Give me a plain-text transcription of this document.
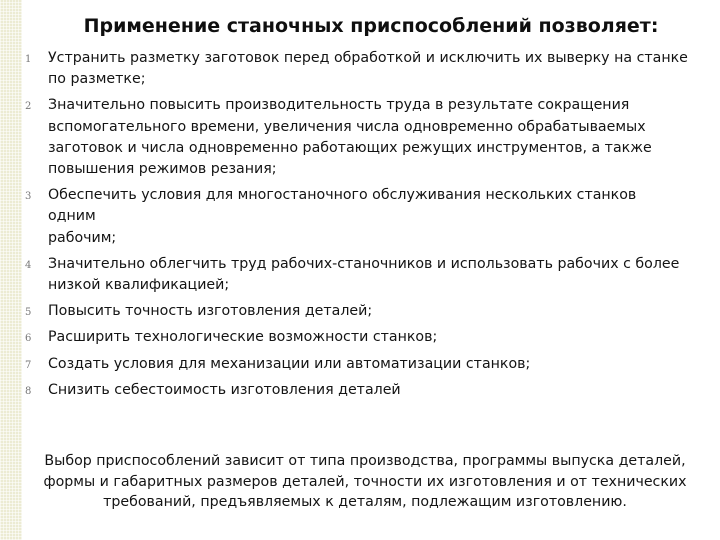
Применение станочных приспособлений позволяет:
1 Устранить разметку заготовок перед обработкой и исключить их выверку на станке
по разметке;
2 Значительно повысить производительность труда в результате сокращения
вспомогательного времени, увеличения числа одновременно обрабатываемых
заготовок и числа одновременно работающих режущих инструментов, а также
повышения режимов резания;
3 Обеспечить условия для многостаночного обслуживания нескольких станков
одним
рабочим;
4 Значительно облегчить труд рабочих-станочников и использовать рабочих с более
низкой квалификацией;
5 Повысить точность изготовления деталей;
6 Расширить технологические возможности станков;
7 Создать условия для механизации или автоматизации станков;
8 Снизить себестоимость изготовления деталей
Выбор приспособлений зависит от типа производства, программы выпуска деталей,
формы и габаритных размеров деталей, точности их изготовления и от технических
требований, предъявляемых к деталям, подлежащим изготовлению.
